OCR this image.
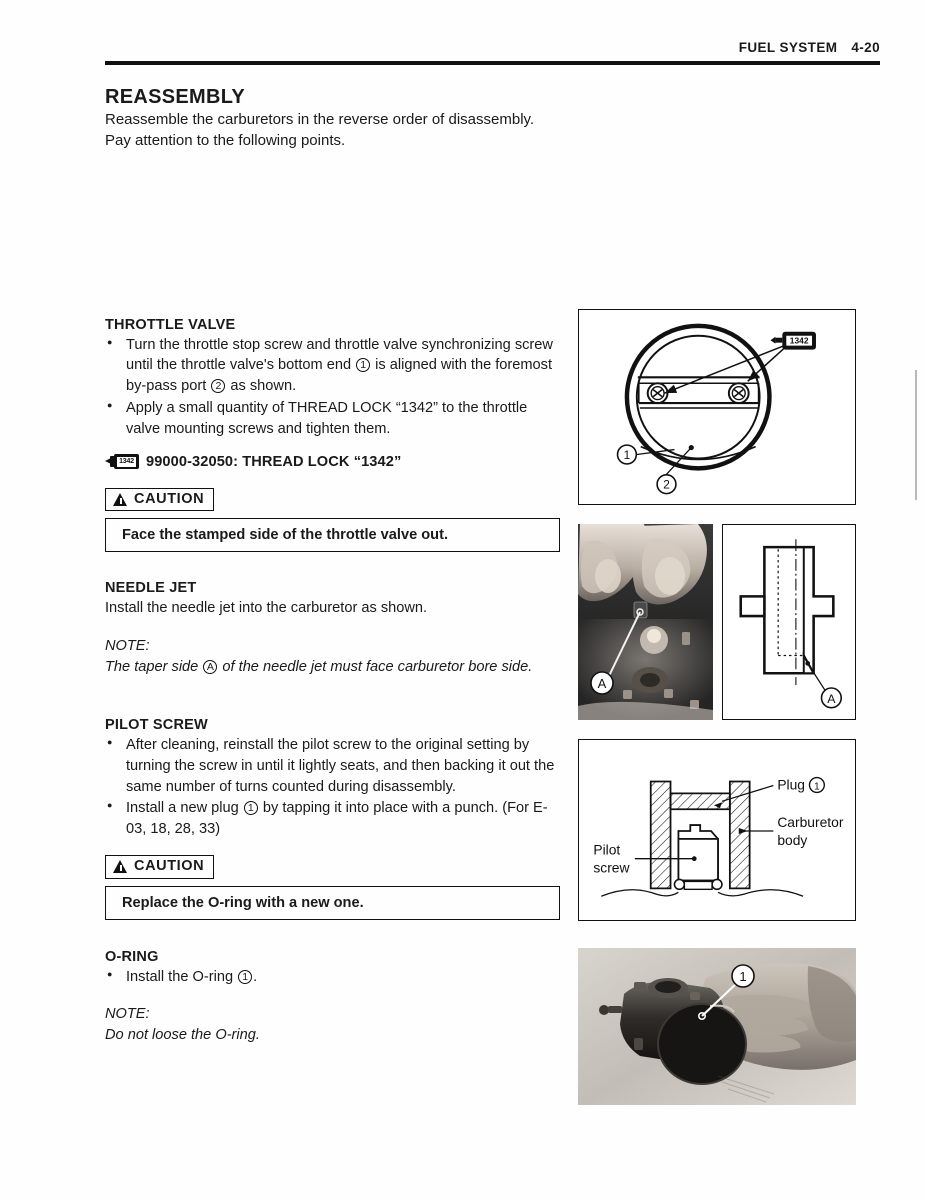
FUEL SYSTEM 4-20
REASSEMBLY

Reassemble the carburetors in the reverse order of disassembly. Pay attention to the following points.

THROTTLE VALVE
● Turn the throttle stop screw and throttle valve synchronizing screw until the throttle valve's bottom end 1 is aligned with the foremost by-pass port 2 as shown.
● Apply a small quantity of THREAD LOCK “1342” to the throttle valve mounting screws and tighten them.
1342 99000-32050: THREAD LOCK “1342”
CAUTION
Face the stamped side of the throttle valve out.
NEEDLE JET

Install the needle jet into the carburetor as shown.

NOTE:

The taper side A of the needle jet must face carburetor bore side.

PILOT SCREW
● After cleaning, reinstall the pilot screw to the original setting by turning the screw in until it lightly seats, and then backing it out the same number of turns counted during disassembly.
● Install a new plug 1 by tapping it into place with a punch. (For E-03, 18, 28, 33)
CAUTION
Replace the O-ring with a new one.
O-RING
● Install the O-ring 1 .

NOTE:

Do not loose the O-ring.

1342
1
2
A
A
Plug 1
Carburetor
body
Pilot
screw
1
